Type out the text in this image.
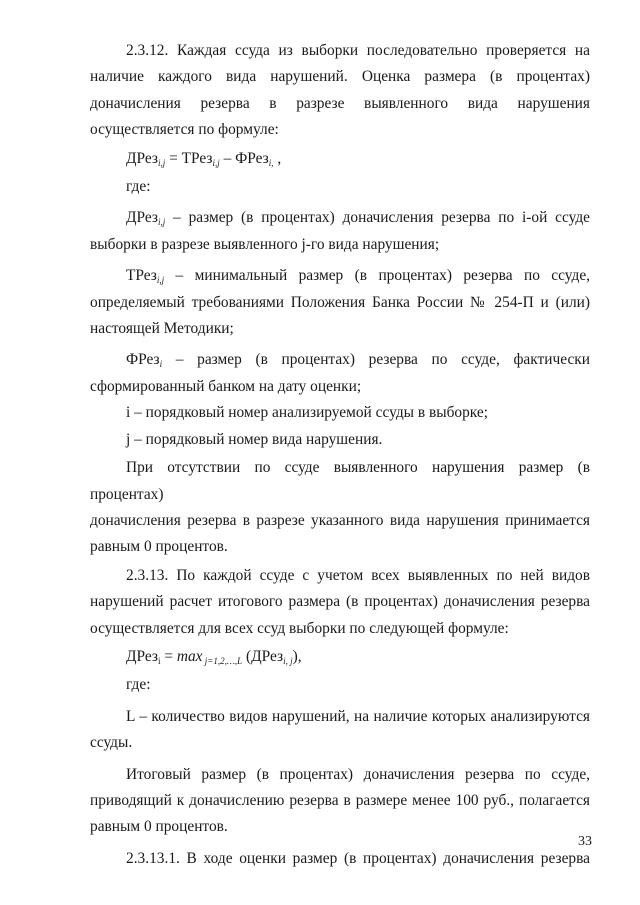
2.3.12. Каждая ссуда из выборки последовательно проверяется на

наличие каждого вида нарушений. Оценка размера (в процентах)

доначисления резерва в разрезе выявленного вида нарушения

осуществляется по формуле:

ДРез$_{i,j}$ = ТРез$_{i,j}$ – ФРез$_{i,}$ ,

где:

ДРез$_{i,j}$ – размер (в процентах) доначисления резерва по i-ой ссуде

выборки в разрезе выявленного j-го вида нарушения;

ТРез$_{i,j}$ – минимальный размер (в процентах) резерва по ссуде,

определяемый требованиями Положения Банка России № 254-П и (или)

настоящей Методики;

ФРез$_i$ – размер (в процентах) резерва по ссуде, фактически

сформированный банком на дату оценки;

i – порядковый номер анализируемой ссуды в выборке;

j – порядковый номер вида нарушения.

При отсутствии по ссуде выявленного нарушения размер (в процентах)

доначисления резерва в разрезе указанного вида нарушения принимается

равным 0 процентов.

2.3.13. По каждой ссуде с учетом всех выявленных по ней видов

нарушений расчет итогового размера (в процентах) доначисления резерва

осуществляется для всех ссуд выборки по следующей формуле:

ДРез$_i$ = max $_{j=1,2,\dots,L}$ (ДРез$_{i, j}$),

где:

L – количество видов нарушений, на наличие которых анализируются

ссуды.

Итоговый размер (в процентах) доначисления резерва по ссуде,

приводящий к доначислению резерва в размере менее 100 руб., полагается

равным 0 процентов.

2.3.13.1. В ходе оценки размер (в процентах) доначисления резерва

33
